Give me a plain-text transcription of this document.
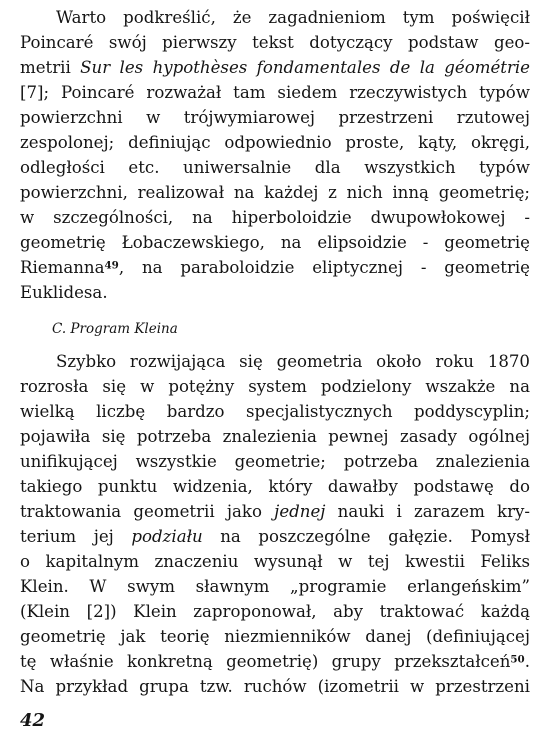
Warto podkreślić, że zagadnieniom tym poświęcił
Poincaré swój pierwszy tekst dotyczący podstaw geo-
metrii Sur les hypothèses fondamentales de la géométrie
[7]; Poincaré rozważał tam siedem rzeczywistych typów
powierzchni w trójwymiarowej przestrzeni rzutowej
zespolonej; definiując odpowiednio proste, kąty, okręgi,
odległości etc. uniwersalnie dla wszystkich typów
powierzchni, realizował na każdej z nich inną geometrię;
w szczególności, na hiperboloidzie dwupowłokowej -
geometrię Łobaczewskiego, na elipsoidzie - geometrię
Riemanna$^{49}$, na paraboloidzie eliptycznej - geometrię
Euklidesa.
C. Program Kleina
Szybko rozwijająca się geometria około roku 1870
rozrosła się w potężny system podzielony wszakże na
wielką liczbę bardzo specjalistycznych poddyscyplin;
pojawiła się potrzeba znalezienia pewnej zasady ogólnej
unifikującej wszystkie geometrie; potrzeba znalezienia
takiego punktu widzenia, który dawałby podstawę do
traktowania geometrii jako jednej nauki i zarazem kry-
terium jej podziału na poszczególne gałęzie. Pomysł
o kapitalnym znaczeniu wysunął w tej kwestii Feliks
Klein. W swym sławnym „programie erlangeńskim”
(Klein [2]) Klein zaproponował, aby traktować każdą
geometrię jak teorię niezmienników danej (definiującej
tę właśnie konkretną geometrię) grupy przekształceń$^{50}$.
Na przykład grupa tzw. ruchów (izometrii w przestrzeni
42
